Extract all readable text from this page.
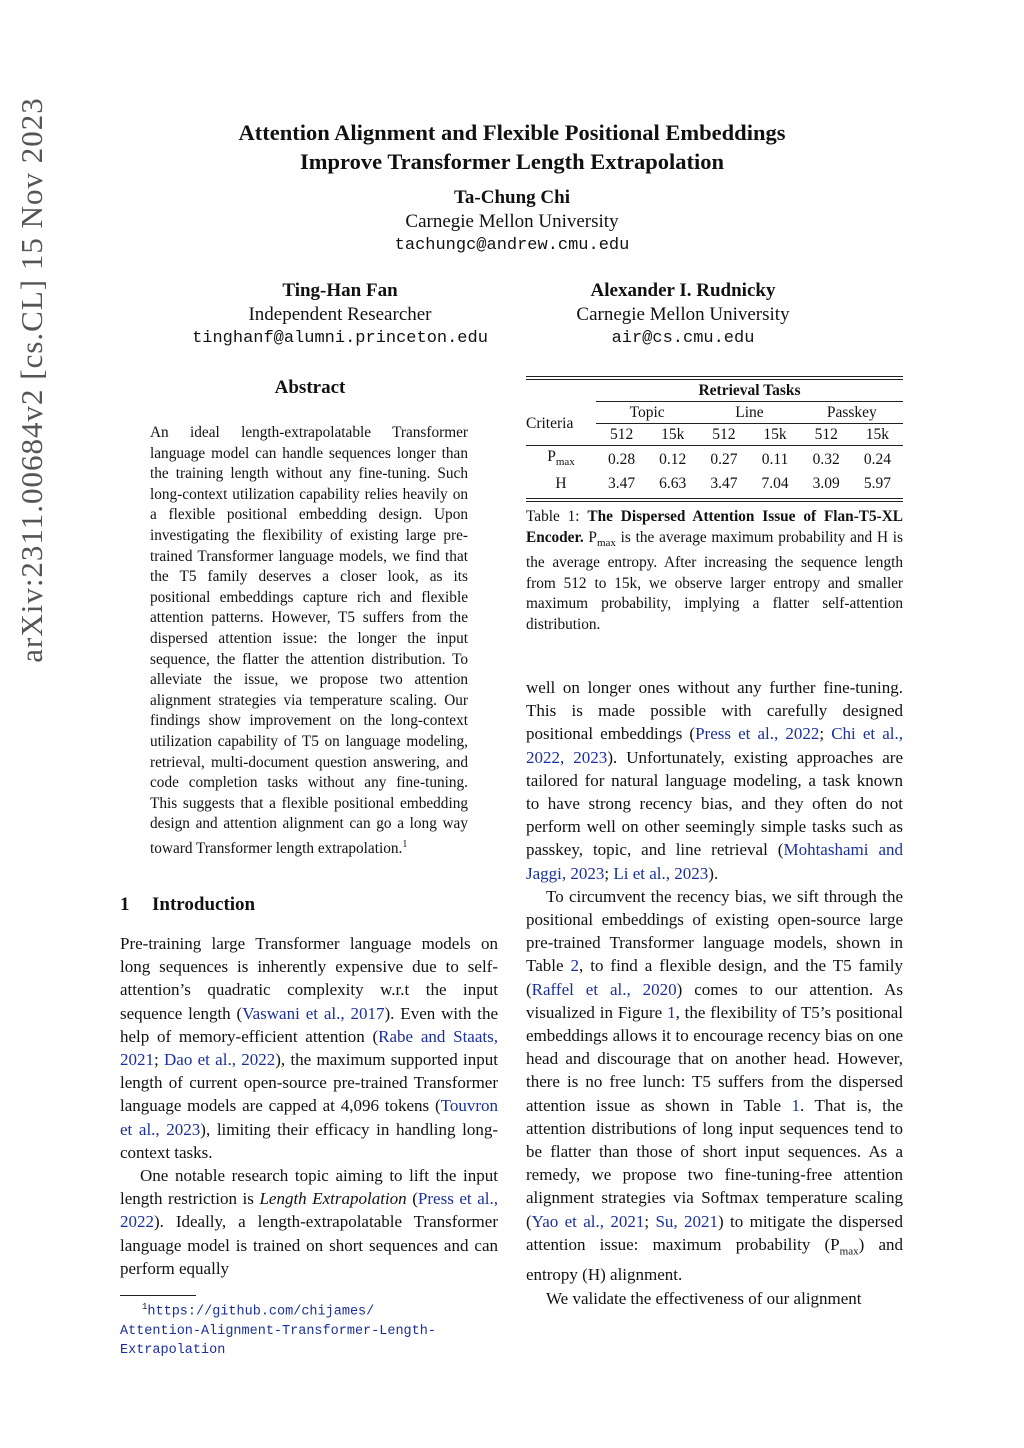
arXiv:2311.00684v2 [cs.CL] 15 Nov 2023	Attention Alignment and Flexible Positional Embeddings
Improve Transformer Length Extrapolation
Ta-Chung Chi
Carnegie Mellon University
tachungc@andrew.cmu.edu
Ting-Han Fan
Independent Researcher
tinghanf@alumni.princeton.edu
Alexander I. Rudnicky
Carnegie Mellon University
air@cs.cmu.edu
Abstract
An ideal length-extrapolatable Transformer language model can handle sequences longer than the training length without any fine-tuning. Such long-context utilization capability relies heavily on a flexible positional embedding design. Upon investigating the flexibility of existing large pre-trained Transformer language models, we find that the T5 family deserves a closer look, as its positional embeddings capture rich and flexible attention patterns. However, T5 suffers from the dispersed attention issue: the longer the input sequence, the flatter the attention distribution. To alleviate the issue, we propose two attention alignment strategies via temperature scaling. Our findings show improvement on the long-context utilization capability of T5 on language modeling, retrieval, multi-document question answering, and code completion tasks without any fine-tuning. This suggests that a flexible positional embedding design and attention alignment can go a long way toward Transformer length extrapolation.$^1$
1 Introduction

Pre-training large Transformer language models on long sequences is inherently expensive due to self-attention’s quadratic complexity w.r.t the input sequence length (Vaswani et al., 2017). Even with the help of memory-efficient attention (Rabe and Staats, 2021; Dao et al., 2022), the maximum supported input length of current open-source pre-trained Transformer language models are capped at 4,096 tokens (Touvron et al., 2023), limiting their efficacy in handling long-context tasks.

One notable research topic aiming to lift the input length restriction is Length Extrapolation (Press et al., 2022). Ideally, a length-extrapolatable Transformer language model is trained on short sequences and can perform equally

$^1$https://github.com/chijames/
Attention-Alignment-Transformer-Length-Extrapolation
	Retrieval Tasks					
Criteria	Topic		Line		Passkey	
	512	15k	512	15k	512	15k
$P_{max}$	0.28	0.12	0.27	0.11	0.32	0.24
H	3.47	6.63	3.47	7.04	3.09	5.97
Table 1: The Dispersed Attention Issue of Flan-T5-XL Encoder. $P_{max}$ is the average maximum probability and H is the average entropy. After increasing the sequence length from 512 to 15k, we observe larger entropy and smaller maximum probability, implying a flatter self-attention distribution.

well on longer ones without any further fine-tuning. This is made possible with carefully designed positional embeddings (Press et al., 2022; Chi et al., 2022, 2023). Unfortunately, existing approaches are tailored for natural language modeling, a task known to have strong recency bias, and they often do not perform well on other seemingly simple tasks such as passkey, topic, and line retrieval (Mohtashami and Jaggi, 2023; Li et al., 2023).

To circumvent the recency bias, we sift through the positional embeddings of existing open-source large pre-trained Transformer language models, shown in Table 2, to find a flexible design, and the T5 family (Raffel et al., 2020) comes to our attention. As visualized in Figure 1, the flexibility of T5’s positional embeddings allows it to encourage recency bias on one head and discourage that on another head. However, there is no free lunch: T5 suffers from the dispersed attention issue as shown in Table 1. That is, the attention distributions of long input sequences tend to be flatter than those of short input sequences. As a remedy, we propose two fine-tuning-free attention alignment strategies via Softmax temperature scaling (Yao et al., 2021; Su, 2021) to mitigate the dispersed attention issue: maximum probability $(P_{max})$ and entropy (H) alignment.

We validate the effectiveness of our alignment
